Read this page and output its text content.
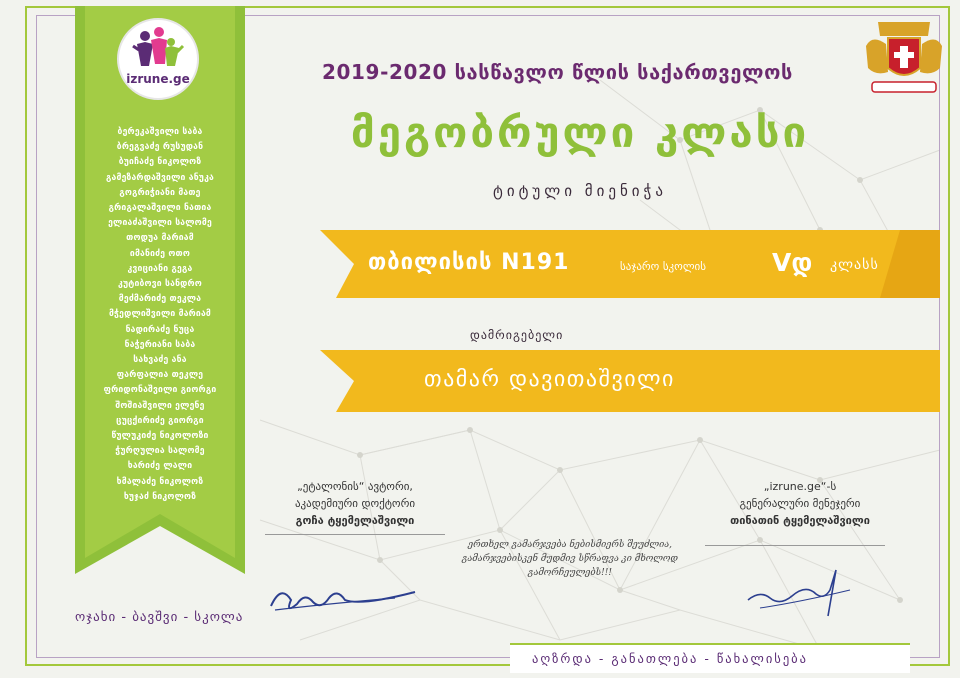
izrune.ge
ბერეკაშვილი საბა
ბრეგვაძე რუსუდან
ბუიჩაძე ნიკოლოზ
გამეზარდაშვილი ანუკა
გოგრიჭიანი მათე
გრიგალაშვილი ნათია
ელიაძაშვილი სალომე
თოდუა მარიამ
იმანიძე ოთო
კვიციანი გეგა
კუტიბოვი სანდრო
მეძმარიძე თეკლა
მჭედლიშვილი მარიამ
ნადირაძე ნუცა
ნაჭერიანი საბა
სახვაძე ანა
ფარფალია თეკლე
ფრიდონაშვილი გიორგი
შოშიაშვილი ელენე
ცუცქირიძე გიორგი
წულუკიძე ნიკოლოზი
ჭურღულია სალომე
ხარიძე ლალი
ხმალაძე ნიკოლოზ
ხუჯაძ ნიკოლოზ
ოჯახი - ბავშვი - სკოლა
აღზრდა - განათლება - წახალისება
2019-2020 სასწავლო წლის საქართველოს
მეგობრული კლასი
ტიტული მიენიჭა
თბილისის N191	საჯარო სკოლის	Vდ კლასს
დამრიგებელი
თამარ დავითაშვილი
„ეტალონის“ ავტორი,
აკადემიური დოქტორი
გოჩა ტყემელაშვილი
„izrune.ge“-ს
გენერალური მენეჯერი
თინათინ ტყემელაშვილი
ერთხელ გამარჯვება ნებისმიერს შეუძლია,
გამარჯვებისკენ მუდმივ სწრაფვა კი მხოლოდ გამორჩეულებს!!!
